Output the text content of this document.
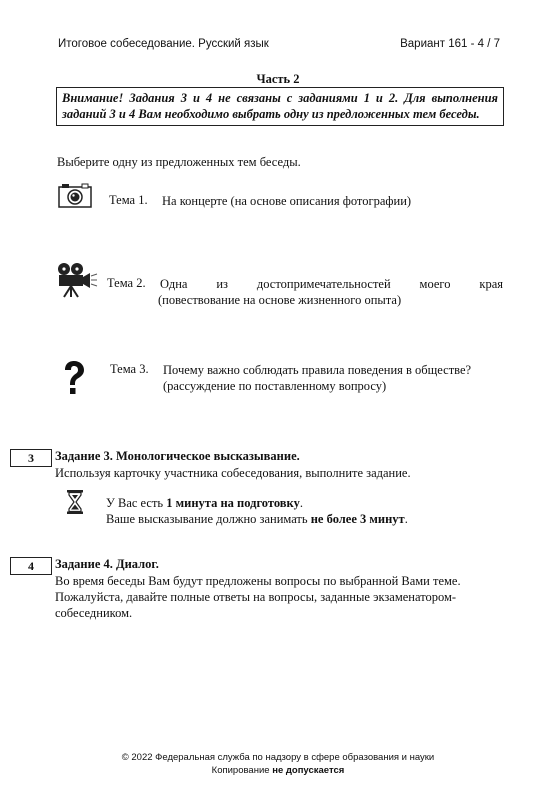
Итоговое собеседование. Русский язык	Вариант 161 - 4 / 7
Часть 2
Внимание! Задания 3 и 4 не связаны с заданиями 1 и 2. Для выполнения заданий 3 и 4 Вам необходимо выбрать одну из предложенных тем беседы.
Выберите одну из предложенных тем беседы.
Тема 1. На концерте (на основе описания фотографии)
Тема 2. Одна из достопримечательностей моего края
(повествование на основе жизненного опыта)
Тема 3. Почему важно соблюдать правила поведения в обществе?
(рассуждение по поставленному вопросу)
3	Задание 3. Монологическое высказывание.
Используя карточку участника собеседования, выполните задание.
У Вас есть 1 минута на подготовку.
Ваше высказывание должно занимать не более 3 минут.
4	Задание 4. Диалог.
Во время беседы Вам будут предложены вопросы по выбранной Вами теме.
Пожалуйста, давайте полные ответы на вопросы, заданные экзаменатором-
собеседником.
© 2022 Федеральная служба по надзору в сфере образования и науки
Копирование не допускается
